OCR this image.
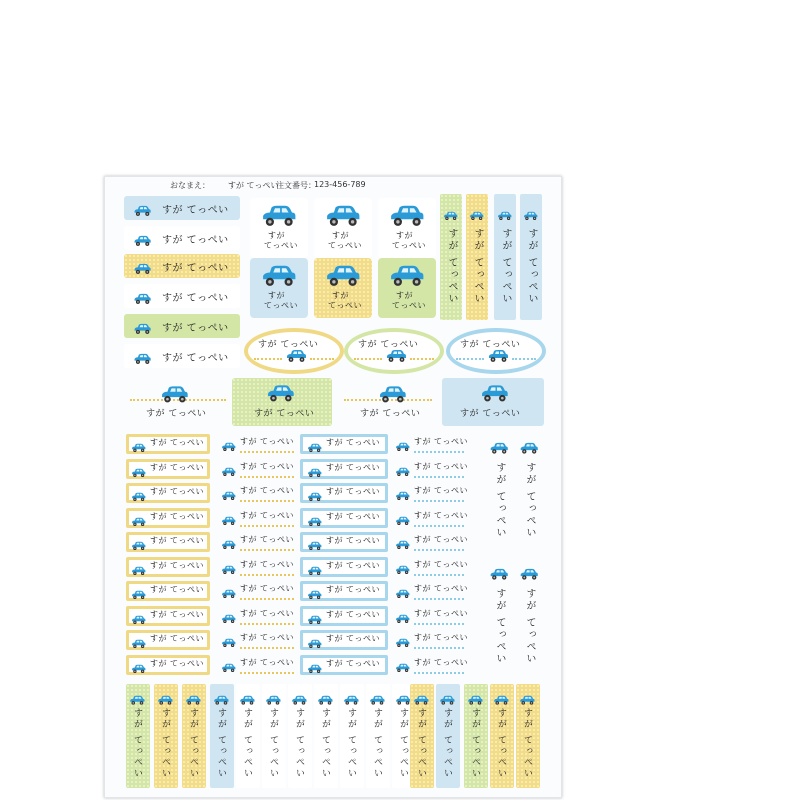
おなまえ： すが てっぺい
注文番号：
123-456-789
すが てっぺい
すが てっぺい
すが てっぺい
すが てっぺい
すが てっぺい
すが てっぺい
すが
てっぺい
すが
てっぺい
すが
てっぺい
すが
てっぺい
すが
てっぺい
すが
てっぺい
すが てっぺい すが てっぺい すが てっぺい すが てっぺい
すが てっぺい	すが てっぺい	すが てっぺい
すが てっぺい	すが てっぺい	すが てっぺい	すが てっぺい
すが てっぺい	すが てっぺい	すが てっぺい	すが てっぺい
すが てっぺい	すが てっぺい	すが てっぺい	すが てっぺい
すが てっぺい	すが てっぺい	すが てっぺい	すが てっぺい
すが てっぺい	すが てっぺい	すが てっぺい	すが てっぺい
すが てっぺい	すが てっぺい	すが てっぺい	すが てっぺい
すが てっぺい	すが てっぺい	すが てっぺい	すが てっぺい
すが てっぺい	すが てっぺい	すが てっぺい	すが てっぺい
すが てっぺい	すが てっぺい	すが てっぺい	すが てっぺい
すが てっぺい	すが てっぺい	すが てっぺい	すが てっぺい
すが てっぺい	すが てっぺい	すが てっぺい	すが てっぺい
すが てっぺい すが てっぺい
すが てっぺい すが てっぺい
すが てっぺい すが てっぺい すが てっぺい すが てっぺい すが てっぺい すが てっぺい すが てっぺい すが てっぺい すが てっぺい すが てっぺい すが てっぺい すが てっぺい すが てっぺい すが てっぺい すが てっぺい すが てっぺい
